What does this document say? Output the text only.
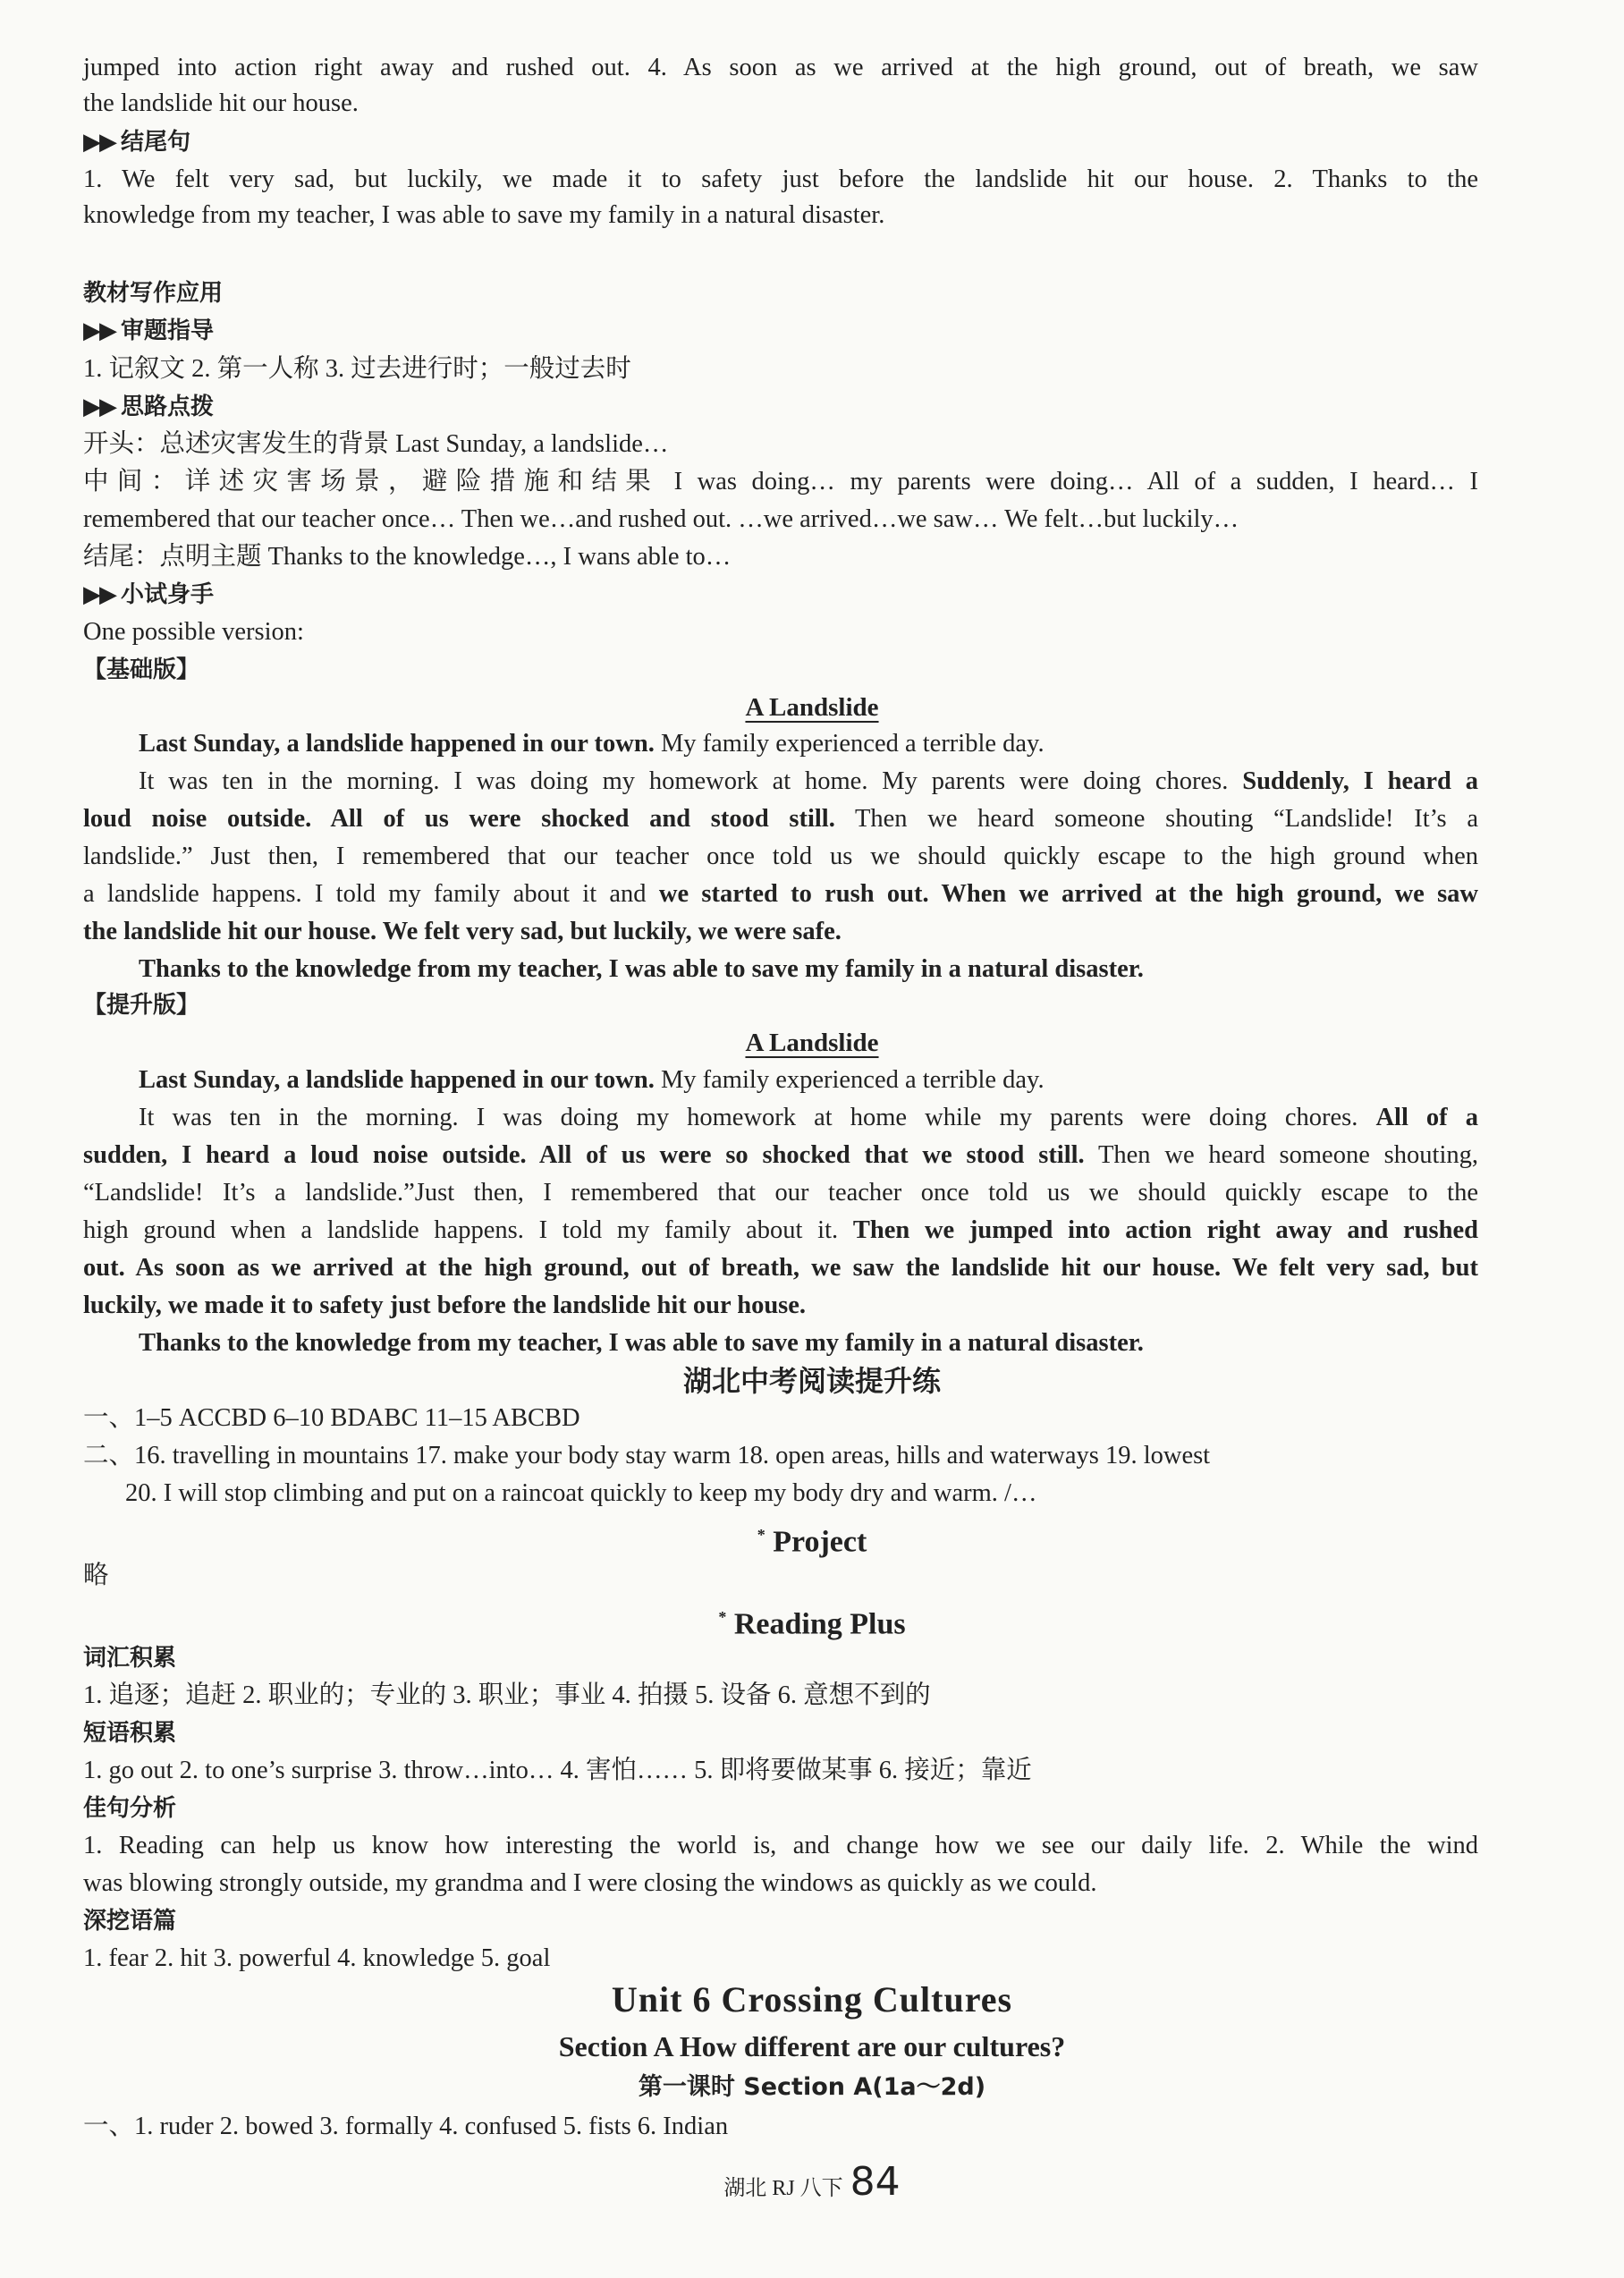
jumped into action right away and rushed out. 4. As soon as we arrived at the high ground, out of breath, we saw
the landslide hit our house.
▶▶ 结尾句
1. We felt very sad, but luckily, we made it to safety just before the landslide hit our house. 2. Thanks to the
knowledge from my teacher, I was able to save my family in a natural disaster.
教材写作应用
▶▶ 审题指导
1. 记叙文 2. 第一人称 3. 过去进行时；一般过去时
▶▶ 思路点拨
开头：总述灾害发生的背景 Last Sunday, a landslide…
中间：详述灾害场景，避险措施和结果 I was doing… my parents were doing… All of a sudden, I heard… I
remembered that our teacher once… Then we…and rushed out. …we arrived…we saw… We felt…but luckily…
结尾：点明主题 Thanks to the knowledge…, I wans able to…
▶▶ 小试身手
One possible version:
【基础版】
A Landslide
Last Sunday, a landslide happened in our town. My family experienced a terrible day.
It was ten in the morning. I was doing my homework at home. My parents were doing chores. Suddenly, I heard a
loud noise outside. All of us were shocked and stood still. Then we heard someone shouting “Landslide! It’s a
landslide.” Just then, I remembered that our teacher once told us we should quickly escape to the high ground when
a landslide happens. I told my family about it and we started to rush out. When we arrived at the high ground, we saw
the landslide hit our house. We felt very sad, but luckily, we were safe.
Thanks to the knowledge from my teacher, I was able to save my family in a natural disaster.
【提升版】
A Landslide
Last Sunday, a landslide happened in our town. My family experienced a terrible day.
It was ten in the morning. I was doing my homework at home while my parents were doing chores. All of a
sudden, I heard a loud noise outside. All of us were so shocked that we stood still. Then we heard someone shouting,
“Landslide! It’s a landslide.”Just then, I remembered that our teacher once told us we should quickly escape to the
high ground when a landslide happens. I told my family about it. Then we jumped into action right away and rushed
out. As soon as we arrived at the high ground, out of breath, we saw the landslide hit our house. We felt very sad, but
luckily, we made it to safety just before the landslide hit our house.
Thanks to the knowledge from my teacher, I was able to save my family in a natural disaster.
湖北中考阅读提升练
一、1–5 ACCBD 6–10 BDABC 11–15 ABCBD
二、16. travelling in mountains 17. make your body stay warm 18. open areas, hills and waterways 19. lowest
20. I will stop climbing and put on a raincoat quickly to keep my body dry and warm. /…
* Project
略
* Reading Plus
词汇积累
1. 追逐；追赶 2. 职业的；专业的 3. 职业；事业 4. 拍摄 5. 设备 6. 意想不到的
短语积累
1. go out 2. to one’s surprise 3. throw…into… 4. 害怕…… 5. 即将要做某事 6. 接近；靠近
佳句分析
1. Reading can help us know how interesting the world is, and change how we see our daily life. 2. While the wind
was blowing strongly outside, my grandma and I were closing the windows as quickly as we could.
深挖语篇
1. fear 2. hit 3. powerful 4. knowledge 5. goal
Unit 6 Crossing Cultures
Section A How different are our cultures?
第一课时 Section A(1a～2d)
一、1. ruder 2. bowed 3. formally 4. confused 5. fists 6. Indian
湖北 RJ 八下 84
